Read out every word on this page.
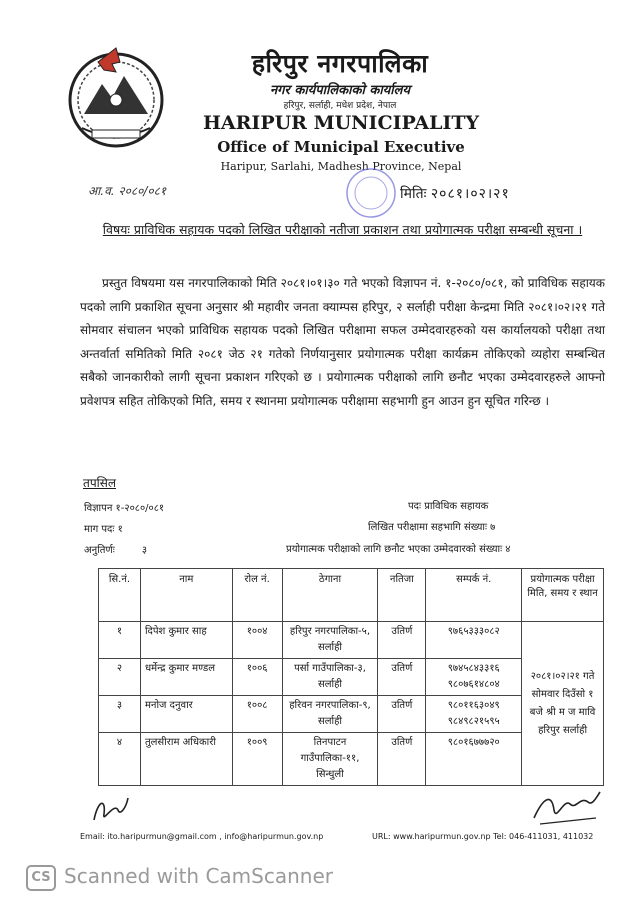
हरिपुर नगरपालिका
नगर कार्यपालिकाको कार्यालय
हरिपुर, सर्लाही, मधेश प्रदेश, नेपाल
HARIPUR MUNICIPALITY
Office of Municipal Executive
Haripur, Sarlahi, Madhesh Province, Nepal
आ.व. २०८०/०८१	मितिः २०८१।०२।२१
विषयः प्राविधिक सहायक पदको लिखित परीक्षाको नतीजा प्रकाशन तथा प्रयोगात्मक परीक्षा सम्बन्धी सूचना ।
प्रस्तुत विषयमा यस नगरपालिकाको मिति २०८१।०१।३० गते भएको विज्ञापन नं. १-२०८०/०८१, को प्राविधिक सहायक पदको लागि प्रकाशित सूचना अनुसार श्री महावीर जनता क्याम्पस हरिपुर, २ सर्लाही परीक्षा केन्द्रमा मिति २०८१।०२।२१ गते सोमवार संचालन भएको प्राविधिक सहायक पदको लिखित परीक्षामा सफल उम्मेदवारहरुको यस कार्यालयको परीक्षा तथा अन्तर्वार्ता समितिको मिति २०८१ जेठ २१ गतेको निर्णयानुसार प्रयोगात्मक परीक्षा कार्यक्रम तोकिएको व्यहोरा सम्बन्धित सबैको जानकारीको लागी सूचना प्रकाशन गरिएको छ । प्रयोगात्मक परीक्षाको लागि छनौट भएका उम्मेदवारहरुले आफ्नो प्रवेशपत्र सहित तोकिएको मिति, समय र स्थानमा प्रयोगात्मक परीक्षामा सहभागी हुन आउन हुन सूचित गरिन्छ ।
तपसिल
विज्ञापन १-२०८०/०८१	पदः प्राविधिक सहायक
माग पदः १	लिखित परीक्षामा सहभागि संख्याः ७
अनुतिर्णः	३	प्रयोगात्मक परीक्षाको लागि छनौट भएका उम्मेदवारको संख्याः ४
सि.नं.	नाम	रोल नं.	ठेगाना	नतिजा	सम्पर्क नं.	प्रयोगात्मक परीक्षा मिति, समय र स्थान
१	दिपेश कुमार साह	१००४	हरिपुर नगरपालिका-५, सर्लाही	उतिर्ण	९७६५३३३०८२	२०८१।०२।२१ गते सोमवार दिउँसो १ बजे श्री म ज मावि हरिपुर सर्लाही
२	धर्मेन्द्र कुमार मण्डल	१००६	पर्सा गाउँपालिका-३, सर्लाही	उतिर्ण	९७४५८४३३१६ ९८०७६१४८०४	
३	मनोज दनुवार	१००८	हरिवन नगरपालिका-९, सर्लाही	उतिर्ण	९८०११६३०४९ ९८४९८२१५९५	
४	तुलसीराम अधिकारी	१००९	तिनपाटन गाउँपालिका-११, सिन्धुली	उतिर्ण	९८०१६७७७२०	
Email: ito.haripurmun@gmail.com , info@haripurmun.gov.np	URL: www.haripurmun.gov.np Tel: 046-411031, 411032
CS Scanned with CamScanner
